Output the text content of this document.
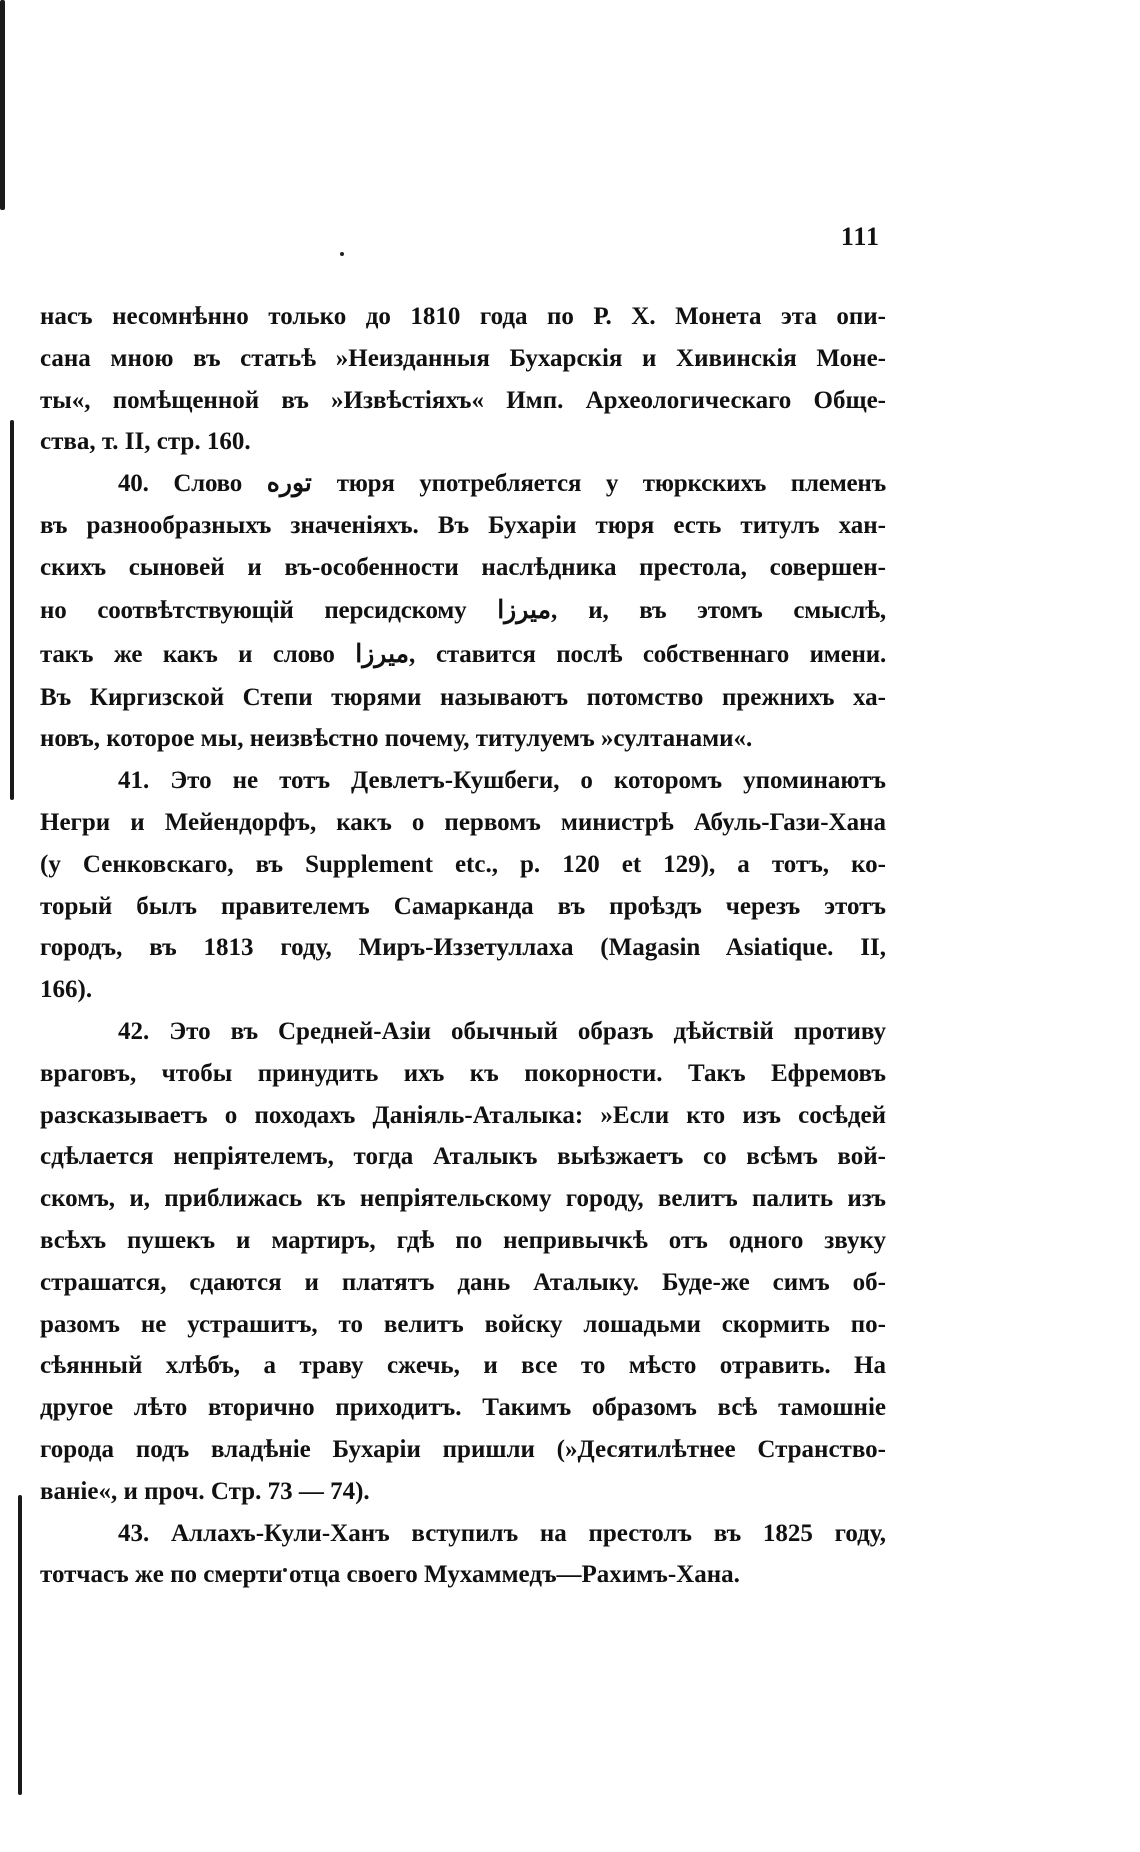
111
насъ несомнѣнно только до 1810 года по Р. Х. Монета эта опи-
сана мною въ статьѣ »Неизданныя Бухарскія и Хивинскія Моне-
ты«, помѣщенной въ »Извѣстіяхъ« Имп. Археологическаго Обще-
ства, т. II, стр. 160.
40. Слово توره тюря употребляется у тюркскихъ племенъ
въ разнообразныхъ значеніяхъ. Въ Бухаріи тюря есть титулъ хан-
скихъ сыновей и въ-особенности наслѣдника престола, совершен-
но соотвѣтствующій персидскому میرزا, и, въ этомъ смыслѣ,
такъ же какъ и слово میرزا, ставится послѣ собственнаго имени.
Въ Киргизской Степи тюрями называютъ потомство прежнихъ ха-
новъ, которое мы, неизвѣстно почему, титулуемъ »султанами«.
41. Это не тотъ Девлетъ-Кушбеги, о которомъ упоминаютъ
Негри и Мейендорфъ, какъ о первомъ министрѣ Абуль-Гази-Хана
(у Сенковскаго, въ Supplement etc., p. 120 et 129), а тотъ, ко-
торый былъ правителемъ Самарканда въ проѣздъ черезъ этотъ
городъ, въ 1813 году, Миръ-Иззетуллаха (Magasin Asiatique. II,
166).
42. Это въ Средней-Азіи обычный образъ дѣйствій противу
враговъ, чтобы принудить ихъ къ покорности. Такъ Ефремовъ
разсказываетъ о походахъ Даніяль-Аталыка: »Если кто изъ сосѣдей
сдѣлается непріятелемъ, тогда Аталыкъ выѣзжаетъ со всѣмъ вой-
скомъ, и, приближась къ непріятельскому городу, велитъ палить изъ
всѣхъ пушекъ и мартиръ, гдѣ по непривычкѣ отъ одного звуку
страшатся, сдаются и платятъ дань Аталыку. Буде-же симъ об-
разомъ не устрашитъ, то велитъ войску лошадьми скормить по-
сѣянный хлѣбъ, а траву сжечь, и все то мѣсто отравить. На
другое лѣто вторично приходитъ. Такимъ образомъ всѣ тамошніе
города подъ владѣніе Бухаріи пришли (»Десятилѣтнее Странство-
ваніе«, и проч. Стр. 73 — 74).
43. Аллахъ-Кули-Ханъ вступилъ на престолъ въ 1825 году,
тотчасъ же по смерти отца своего Мухаммедъ—Рахимъ-Хана.
